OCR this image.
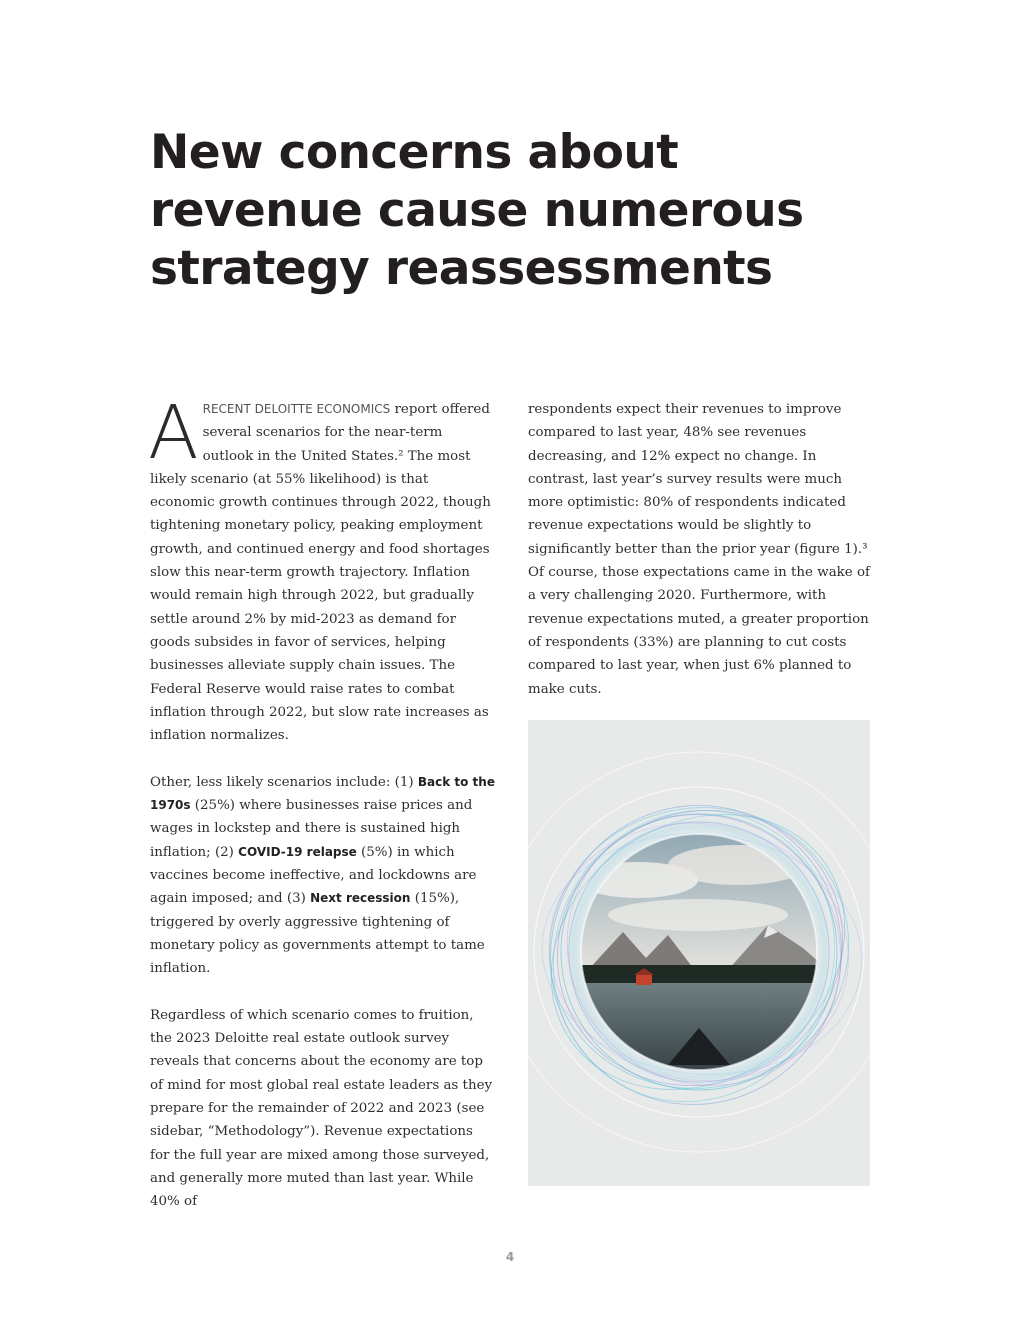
New concerns about revenue cause numerous strategy reassessments

ARECENT DELOITTE ECONOMICS report offered several scenarios for the near-term outlook in the United States.² The most likely scenario (at 55% likelihood) is that economic growth continues through 2022, though tightening monetary policy, peaking employment growth, and continued energy and food shortages slow this near-term growth trajectory. Inflation would remain high through 2022, but gradually settle around 2% by mid-2023 as demand for goods subsides in favor of services, helping businesses alleviate supply chain issues. The Federal Reserve would raise rates to combat inflation through 2022, but slow rate increases as inflation normalizes.

Other, less likely scenarios include: (1) Back to the 1970s (25%) where businesses raise prices and wages in lockstep and there is sustained high inflation; (2) COVID-19 relapse (5%) in which vaccines become ineffective, and lockdowns are again imposed; and (3) Next recession (15%), triggered by overly aggressive tightening of monetary policy as governments attempt to tame inflation.

Regardless of which scenario comes to fruition, the 2023 Deloitte real estate outlook survey reveals that concerns about the economy are top of mind for most global real estate leaders as they prepare for the remainder of 2022 and 2023 (see sidebar, “Methodology”). Revenue expectations for the full year are mixed among those surveyed, and generally more muted than last year. While 40% of

respondents expect their revenues to improve compared to last year, 48% see revenues decreasing, and 12% expect no change. In contrast, last year’s survey results were much more optimistic: 80% of respondents indicated revenue expectations would be slightly to significantly better than the prior year (figure 1).³ Of course, those expectations came in the wake of a very challenging 2020. Furthermore, with revenue expectations muted, a greater proportion of respondents (33%) are planning to cut costs compared to last year, when just 6% planned to make cuts.

4
